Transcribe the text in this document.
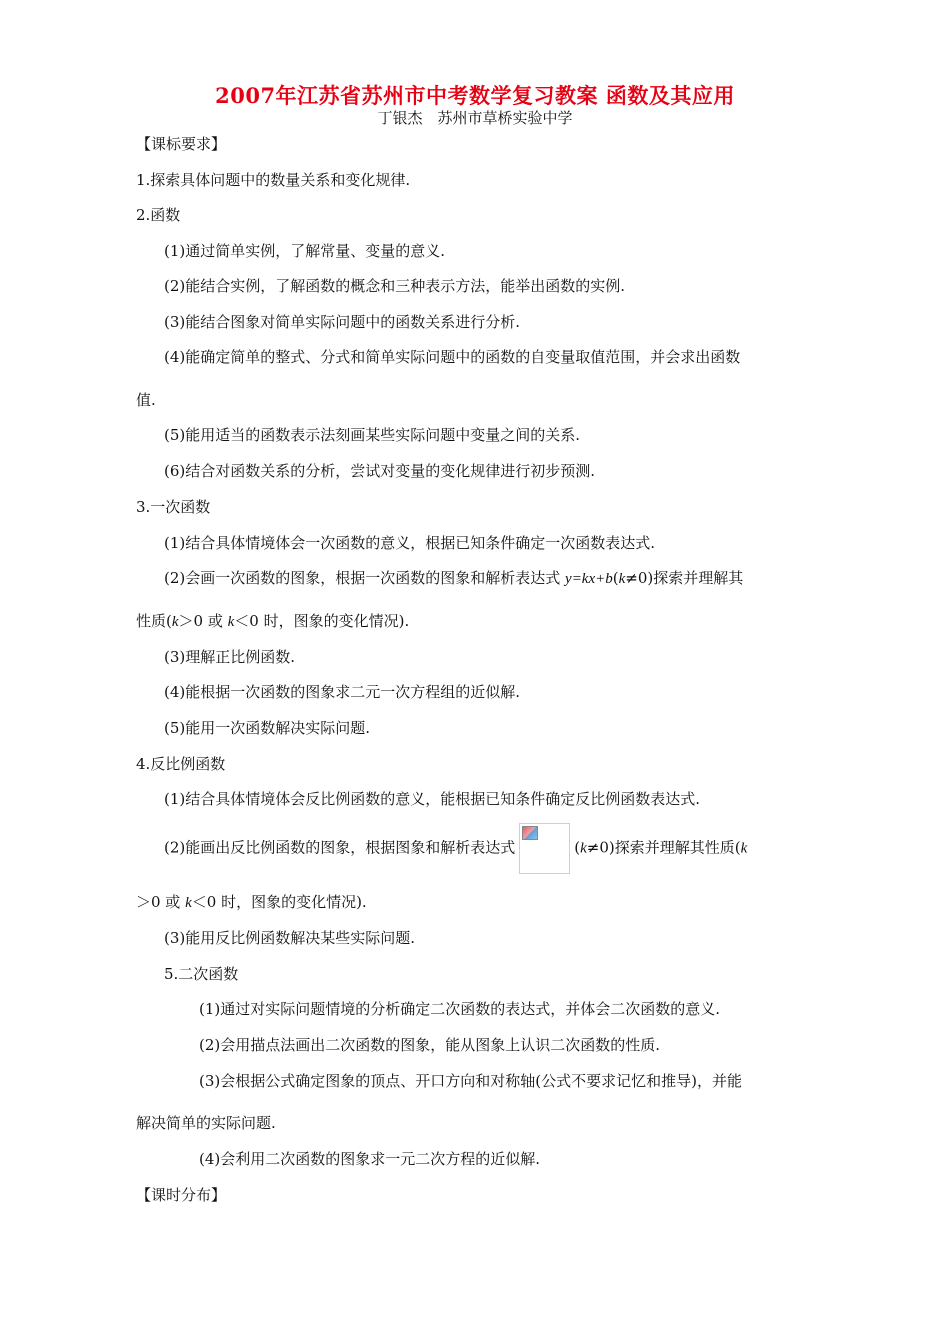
2007年江苏省苏州市中考数学复习教案 函数及其应用
丁银杰　苏州市草桥实验中学
【课标要求】
1.探索具体问题中的数量关系和变化规律.
2.函数
(1)通过简单实例，了解常量、变量的意义.
(2)能结合实例，了解函数的概念和三种表示方法，能举出函数的实例.
(3)能结合图象对简单实际问题中的函数关系进行分析.
(4)能确定简单的整式、分式和简单实际问题中的函数的自变量取值范围，并会求出函数
值.
(5)能用适当的函数表示法刻画某些实际问题中变量之间的关系.
(6)结合对函数关系的分析，尝试对变量的变化规律进行初步预测.
3.一次函数
(1)结合具体情境体会一次函数的意义，根据已知条件确定一次函数表达式.
(2)会画一次函数的图象，根据一次函数的图象和解析表达式 y=kx+b(k≠0)探索并理解其
性质(k＞0 或 k＜0 时，图象的变化情况).
(3)理解正比例函数.
(4)能根据一次函数的图象求二元一次方程组的近似解.
(5)能用一次函数解决实际问题.
4.反比例函数
(1)结合具体情境体会反比例函数的意义，能根据已知条件确定反比例函数表达式.
(2)能画出反比例函数的图象，根据图象和解析表达式	(k≠0)探索并理解其性质(k
＞0 或 k＜0 时，图象的变化情况).
(3)能用反比例函数解决某些实际问题.
5.二次函数
(1)通过对实际问题情境的分析确定二次函数的表达式，并体会二次函数的意义.
(2)会用描点法画出二次函数的图象，能从图象上认识二次函数的性质.
(3)会根据公式确定图象的顶点、开口方向和对称轴(公式不要求记忆和推导)，并能
解决简单的实际问题.
(4)会利用二次函数的图象求一元二次方程的近似解.
【课时分布】
